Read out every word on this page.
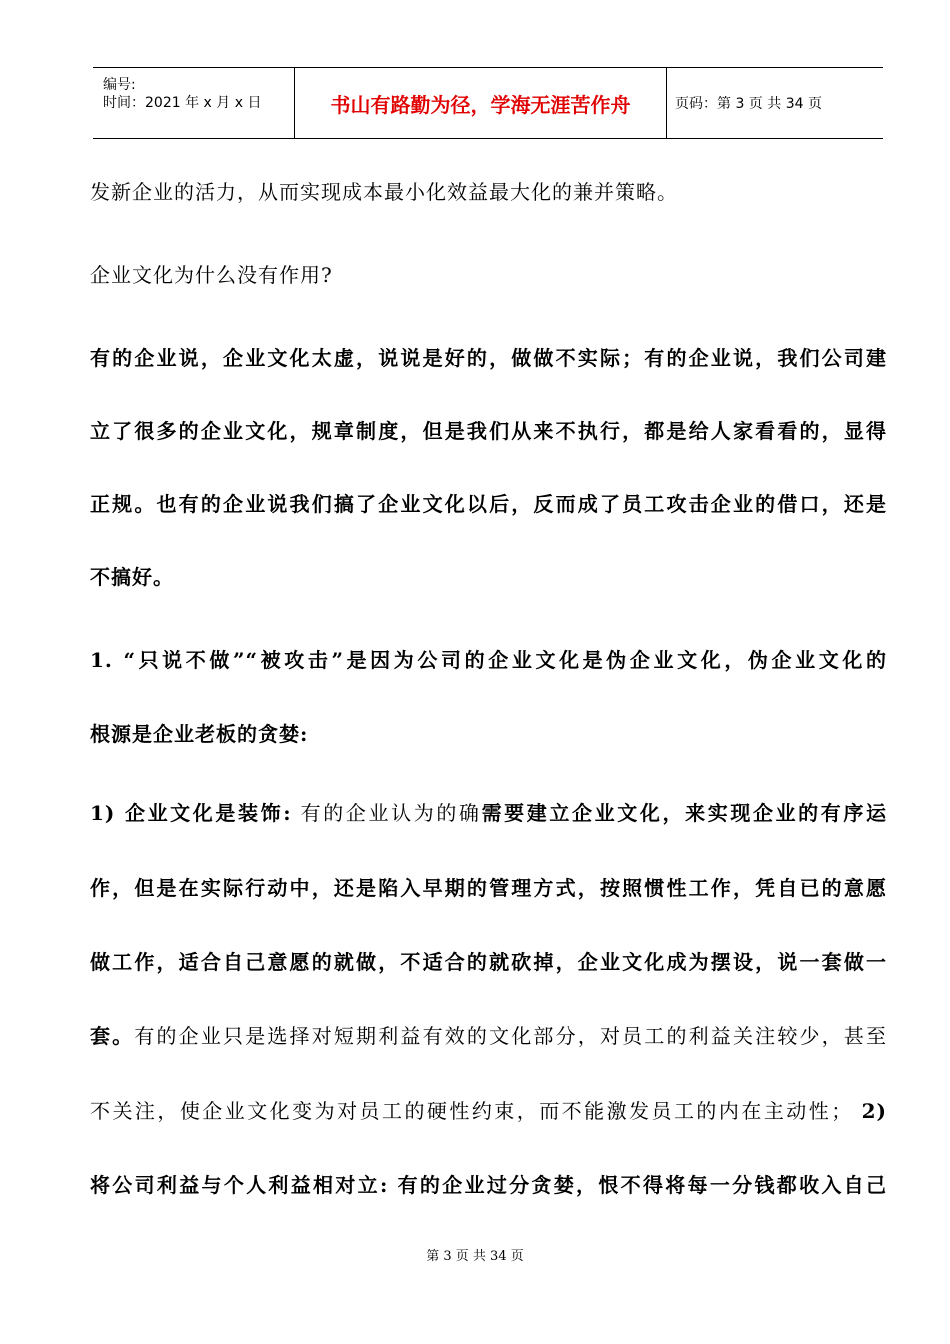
编号:
时间：2021 年 x 月 x 日	书山有路勤为径，学海无涯苦作舟	页码：第 3 页 共 34 页
发新企业的活力，从而实现成本最小化效益最大化的兼并策略。
企业文化为什么没有作用?
有的企业说，企业文化太虚，说说是好的，做做不实际；有的企业说，我们公司建
立了很多的企业文化，规章制度，但是我们从来不执行，都是给人家看看的，显得
正规。也有的企业说我们搞了企业文化以后，反而成了员工攻击企业的借口，还是
不搞好。
1. “只说不做”“被攻击”是因为公司的企业文化是伪企业文化，伪企业文化的
根源是企业老板的贪婪:
1) 企业文化是装饰: 有的企业认为的确需要建立企业文化，来实现企业的有序运
作，但是在实际行动中，还是陷入早期的管理方式，按照惯性工作，凭自已的意愿
做工作，适合自己意愿的就做，不适合的就砍掉，企业文化成为摆设，说一套做一
套。有的企业只是选择对短期利益有效的文化部分，对员工的利益关注较少，甚至
不关注，使企业文化变为对员工的硬性约束，而不能激发员工的内在主动性； 2)
将公司利益与个人利益相对立: 有的企业过分贪婪，恨不得将每一分钱都收入自己
第 3 页 共 34 页
